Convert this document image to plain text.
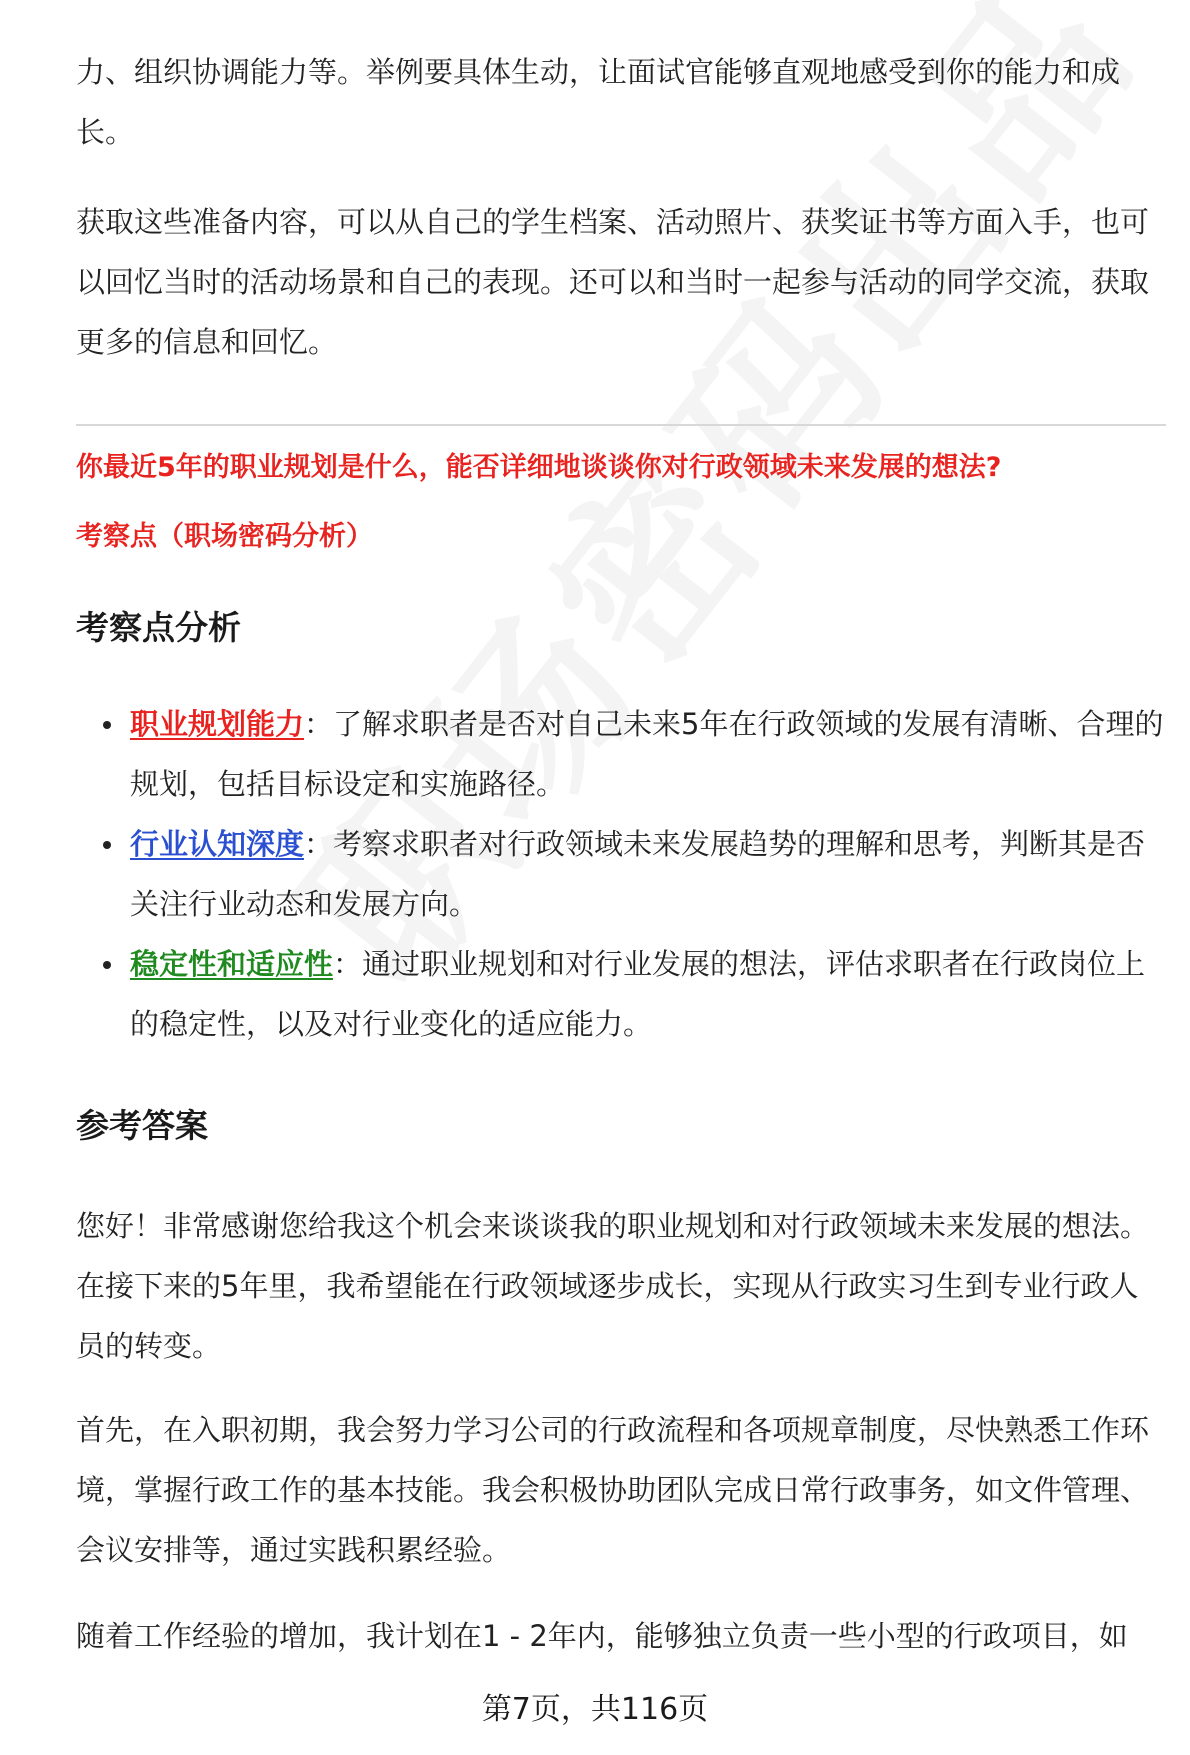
力、组织协调能力等。举例要具体生动，让面试官能够直观地感受到你的能力和成长。

获取这些准备内容，可以从自己的学生档案、活动照片、获奖证书等方面入手，也可以回忆当时的活动场景和自己的表现。还可以和当时一起参与活动的同学交流，获取更多的信息和回忆。

你最近5年的职业规划是什么，能否详细地谈谈你对行政领域未来发展的想法?
考察点（职场密码分析）
考察点分析
职业规划能力：了解求职者是否对自己未来5年在行政领域的发展有清晰、合理的规划，包括目标设定和实施路径。
行业认知深度：考察求职者对行政领域未来发展趋势的理解和思考，判断其是否关注行业动态和发展方向。
稳定性和适应性：通过职业规划和对行业发展的想法，评估求职者在行政岗位上的稳定性，以及对行业变化的适应能力。
参考答案

您好！非常感谢您给我这个机会来谈谈我的职业规划和对行政领域未来发展的想法。在接下来的5年里，我希望能在行政领域逐步成长，实现从行政实习生到专业行政人员的转变。

首先，在入职初期，我会努力学习公司的行政流程和各项规章制度，尽快熟悉工作环境，掌握行政工作的基本技能。我会积极协助团队完成日常行政事务，如文件管理、会议安排等，通过实践积累经验。

随着工作经验的增加，我计划在1 - 2年内，能够独立负责一些小型的行政项目，如

第7页，共116页
